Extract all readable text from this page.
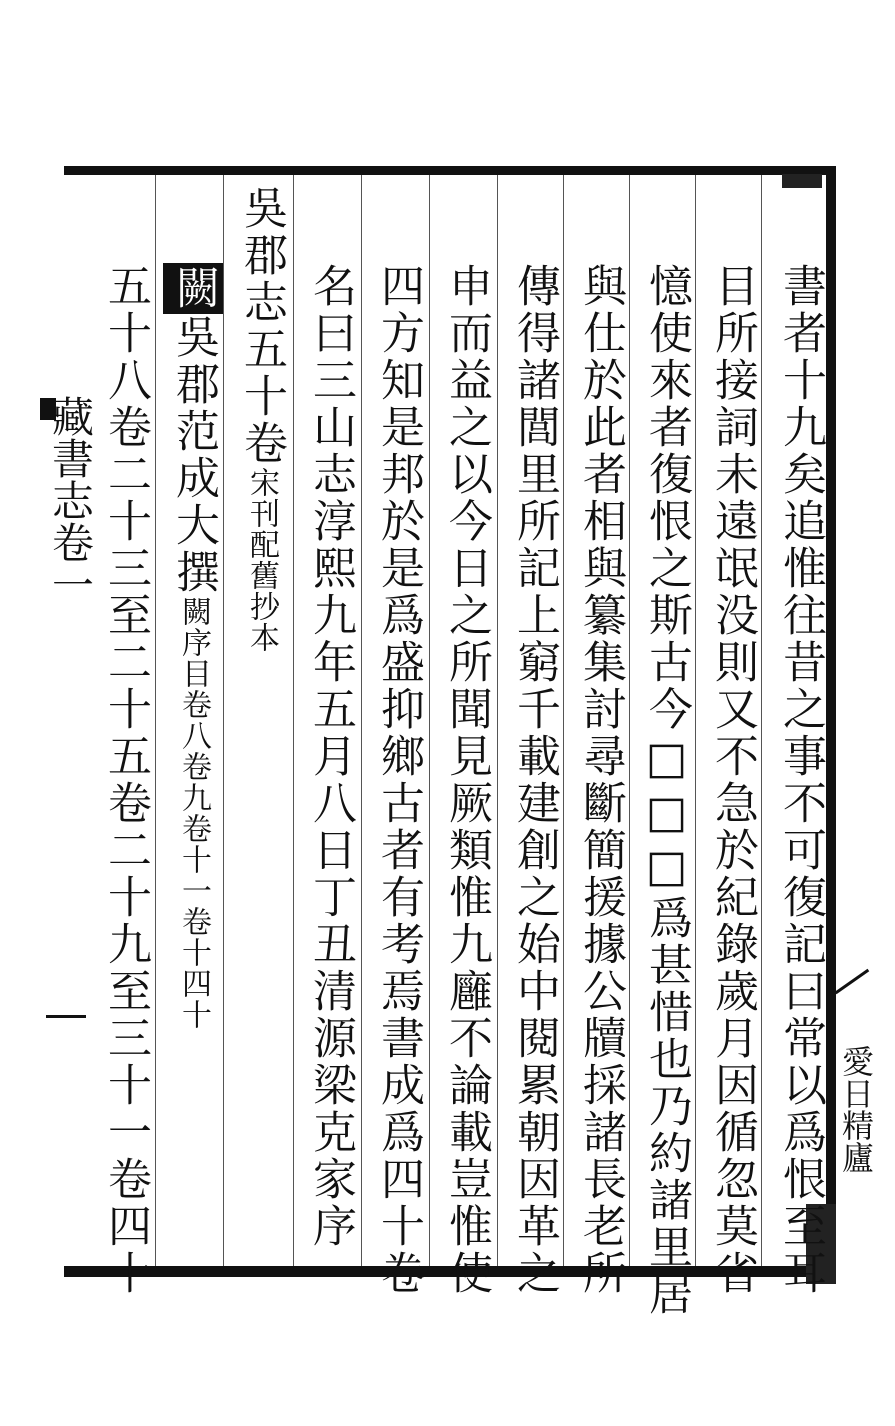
書者十九矣追惟往昔之事不可復記曰常以爲恨至耳
目所接詞未遠氓没則又不急於紀錄歲月因循忽莫省
憶使來者復恨之斯古今□□□爲甚惜也乃約諸里居
與仕於此者相與纂集討尋斷簡援據公牘採諸長老所
傳得諸閭里所記上窮千載建創之始中閱累朝因革之
申而益之以今日之所聞見厥類惟九廱不論載豈惟使
四方知是邦於是爲盛抑鄉古者有考焉書成爲四十卷
名曰三山志淳熙九年五月八日丁丑清源梁克家序
吳郡志五十卷宋刊配舊抄本
闕吳郡范成大撰闕序目卷八卷九卷十一卷十四十
五十八卷二十三至二十五卷二十九至三十一卷四十
藏書志卷一
愛日精廬
